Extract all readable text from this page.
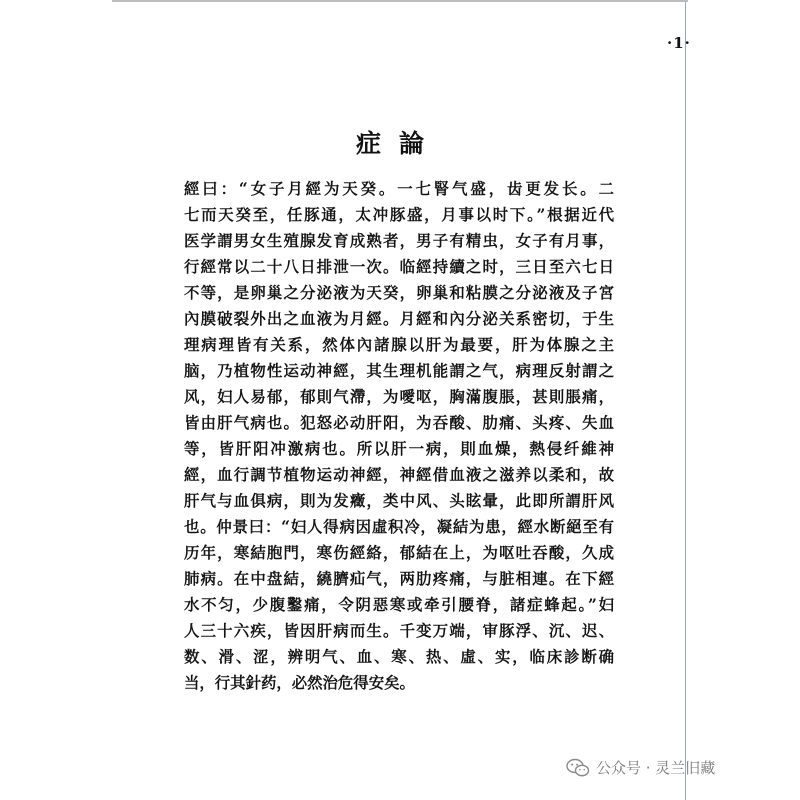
·1·
症論
經曰：“女子月經为天癸。一七腎气盛，齿更发长。二
七而天癸至，任豚通，太冲豚盛，月事以时下。”根据近代
医学謂男女生殖腺发育成熟者，男子有精虫，女子有月事，
行經常以二十八日排泄一次。临經持續之时，三日至六七日
不等，是卵巢之分泌液为天癸，卵巢和粘膜之分泌液及子宮
內膜破裂外出之血液为月經。月經和內分泌关系密切，于生
理病理皆有关系，然体內諸腺以肝为最要，肝为体腺之主
脑，乃植物性运动神經，其生理机能謂之气，病理反射謂之
风，妇人易郁，郁則气滯，为噯呕，胸滿腹脹，甚則脹痛，
皆由肝气病也。犯怒必动肝阳，为吞酸、肋痛、头疼、失血
等，皆肝阳冲激病也。所以肝一病，則血燥，熱侵纤維神
經，血行調节植物运动神經，神經借血液之滋养以柔和，故
肝气与血俱病，則为发癥，类中风、头眩暈，此即所謂肝风
也。仲景曰：“妇人得病因虛积冷，凝結为患，經水断絕至有
历年，寒結胞門，寒伤經絡，郁結在上，为呕吐吞酸，久成
肺病。在中盘結，繞臍疝气，两肋疼痛，与脏相連。在下經
水不匀，少腹鑿痛，令阴惡寒或牵引腰脊，諸症蜂起。”妇
人三十六疾，皆因肝病而生。千变万端，审豚浮、沉、迟、
数、滑、涩，辨明气、血、寒、热、虛、实，临床診断确
当，行其針药，必然治危得安矣。
公众号 · 灵兰旧藏
